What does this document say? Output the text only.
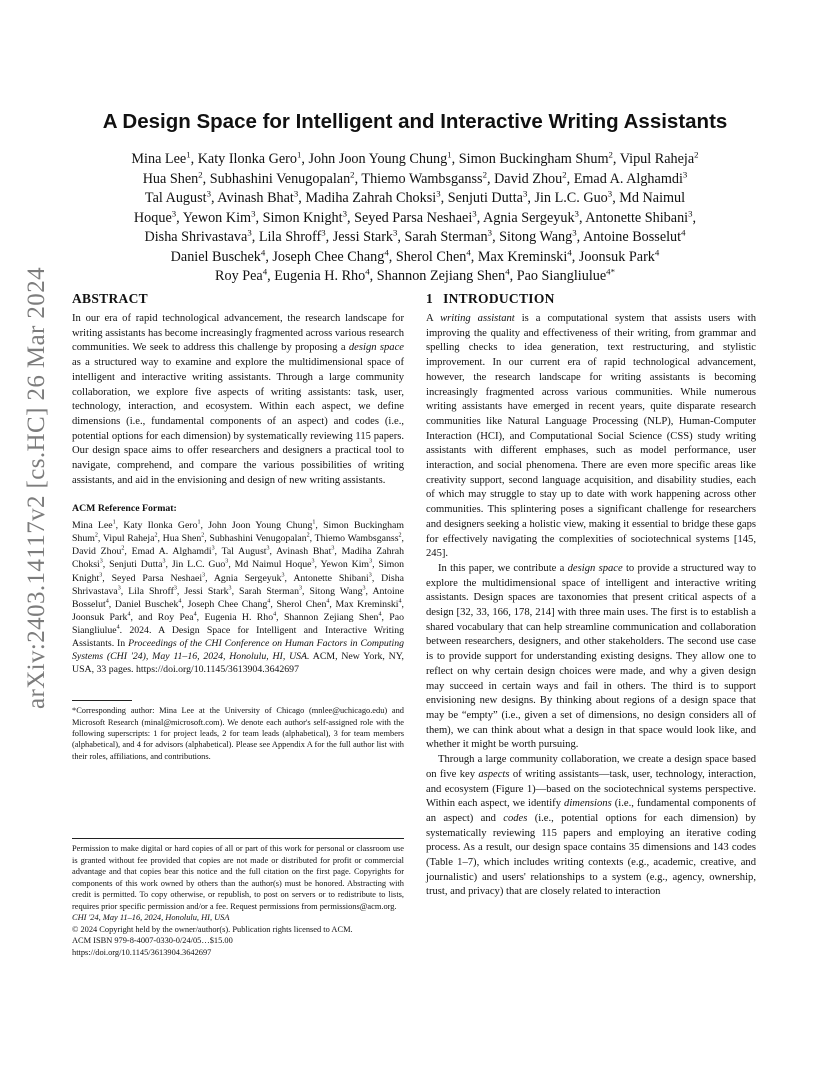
arXiv:2403.14117v2 [cs.HC] 26 Mar 2024
A Design Space for Intelligent and Interactive Writing Assistants
Mina Lee$^1$, Katy Ilonka Gero$^1$, John Joon Young Chung$^1$, Simon Buckingham Shum$^2$, Vipul Raheja$^2$
Hua Shen$^2$, Subhashini Venugopalan$^2$, Thiemo Wambsganss$^2$, David Zhou$^2$, Emad A. Alghamdi$^3$
Tal August$^3$, Avinash Bhat$^3$, Madiha Zahrah Choksi$^3$, Senjuti Dutta$^3$, Jin L.C. Guo$^3$, Md Naimul
Hoque$^3$, Yewon Kim$^3$, Simon Knight$^3$, Seyed Parsa Neshaei$^3$, Agnia Sergeyuk$^3$, Antonette Shibani$^3$,
Disha Shrivastava$^3$, Lila Shroff$^3$, Jessi Stark$^3$, Sarah Sterman$^3$, Sitong Wang$^3$, Antoine Bosselut$^4$
Daniel Buschek$^4$, Joseph Chee Chang$^4$, Sherol Chen$^4$, Max Kreminski$^4$, Joonsuk Park$^4$
Roy Pea$^4$, Eugenia H. Rho$^4$, Shannon Zejiang Shen$^4$, Pao Siangliulue$^{4*}$
ABSTRACT

In our era of rapid technological advancement, the research landscape for writing assistants has become increasingly fragmented across various research communities. We seek to address this challenge by proposing a design space as a structured way to examine and explore the multidimensional space of intelligent and interactive writing assistants. Through a large community collaboration, we explore five aspects of writing assistants: task, user, technology, interaction, and ecosystem. Within each aspect, we define dimensions (i.e., fundamental components of an aspect) and codes (i.e., potential options for each dimension) by systematically reviewing 115 papers. Our design space aims to offer researchers and designers a practical tool to navigate, comprehend, and compare the various possibilities of writing assistants, and aid in the envisioning and design of new writing assistants.

ACM Reference Format:

Mina Lee$^1$, Katy Ilonka Gero$^1$, John Joon Young Chung$^1$, Simon Buckingham Shum$^2$, Vipul Raheja$^2$, Hua Shen$^2$, Subhashini Venugopalan$^2$, Thiemo Wambsganss$^2$, David Zhou$^2$, Emad A. Alghamdi$^3$, Tal August$^3$, Avinash Bhat$^3$, Madiha Zahrah Choksi$^3$, Senjuti Dutta$^3$, Jin L.C. Guo$^3$, Md Naimul Hoque$^3$, Yewon Kim$^3$, Simon Knight$^3$, Seyed Parsa Neshaei$^3$, Agnia Sergeyuk$^3$, Antonette Shibani$^3$, Disha Shrivastava$^3$, Lila Shroff$^3$, Jessi Stark$^3$, Sarah Sterman$^3$, Sitong Wang$^3$, Antoine Bosselut$^4$, Daniel Buschek$^4$, Joseph Chee Chang$^4$, Sherol Chen$^4$, Max Kreminski$^4$, Joonsuk Park$^4$, and Roy Pea$^4$, Eugenia H. Rho$^4$, Shannon Zejiang Shen$^4$, Pao Siangliulue$^4$. 2024. A Design Space for Intelligent and Interactive Writing Assistants. In Proceedings of the CHI Conference on Human Factors in Computing Systems (CHI '24), May 11–16, 2024, Honolulu, HI, USA. ACM, New York, NY, USA, 33 pages. https://doi.org/10.1145/3613904.3642697

*Corresponding author: Mina Lee at the University of Chicago (mnlee@uchicago.edu) and Microsoft Research (minal@microsoft.com). We denote each author's self-assigned role with the following superscripts: 1 for project leads, 2 for team leads (alphabetical), 3 for team members (alphabetical), and 4 for advisors (alphabetical). Please see Appendix A for the full author list with their roles, affiliations, and contributions.

Permission to make digital or hard copies of all or part of this work for personal or classroom use is granted without fee provided that copies are not made or distributed for profit or commercial advantage and that copies bear this notice and the full citation on the first page. Copyrights for components of this work owned by others than the author(s) must be honored. Abstracting with credit is permitted. To copy otherwise, or republish, to post on servers or to redistribute to lists, requires prior specific permission and/or a fee. Request permissions from permissions@acm.org.

CHI '24, May 11–16, 2024, Honolulu, HI, USA

© 2024 Copyright held by the owner/author(s). Publication rights licensed to ACM.

ACM ISBN 979-8-4007-0330-0/24/05…$15.00

https://doi.org/10.1145/3613904.3642697

1 INTRODUCTION

A writing assistant is a computational system that assists users with improving the quality and effectiveness of their writing, from grammar and spelling checks to idea generation, text restructuring, and stylistic improvement. In our current era of rapid technological advancement, however, the research landscape for writing assistants is becoming increasingly fragmented across various communities. While numerous writing assistants have emerged in recent years, quite disparate research communities like Natural Language Processing (NLP), Human-Computer Interaction (HCI), and Computational Social Science (CSS) study writing assistants with different emphases, such as model performance, user interaction, and social phenomena. There are even more specific areas like creativity support, second language acquisition, and disability studies, each of which may struggle to stay up to date with work happening across other communities. This splintering poses a significant challenge for researchers and designers seeking a holistic view, making it essential to bridge these gaps for effectively navigating the complexities of sociotechnical systems [145, 245].

In this paper, we contribute a design space to provide a structured way to explore the multidimensional space of intelligent and interactive writing assistants. Design spaces are taxonomies that present critical aspects of a design [32, 33, 166, 178, 214] with three main uses. The first is to establish a shared vocabulary that can help streamline communication and collaboration between researchers, designers, and other stakeholders. The second use case is to provide support for understanding existing designs. They allow one to reflect on why certain design choices were made, and why a given design may succeed in certain ways and fail in others. The third is to support envisioning new designs. By thinking about regions of a design space that may be “empty” (i.e., given a set of dimensions, no design considers all of them), we can think about what a design in that space would look like, and whether it might be worth pursuing.

Through a large community collaboration, we create a design space based on five key aspects of writing assistants—task, user, technology, interaction, and ecosystem (Figure 1)—based on the sociotechnical systems perspective. Within each aspect, we identify dimensions (i.e., fundamental components of an aspect) and codes (i.e., potential options for each dimension) by systematically reviewing 115 papers and employing an iterative coding process. As a result, our design space contains 35 dimensions and 143 codes (Table 1–7), which includes writing contexts (e.g., academic, creative, and journalistic) and users' relationships to a system (e.g., agency, ownership, trust, and privacy) that are closely related to interaction
